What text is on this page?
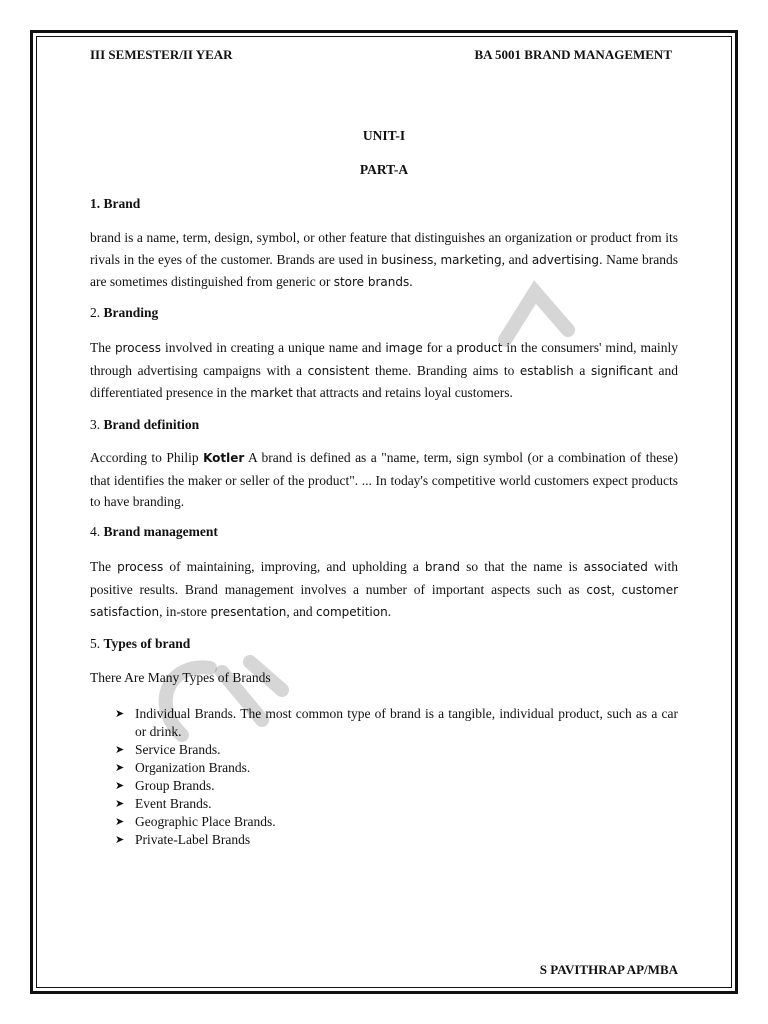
III SEMESTER/II YEAR	BA 5001 BRAND MANAGEMENT
UNIT-I
PART-A
1. Brand

brand is a name, term, design, symbol, or other feature that distinguishes an organization or product from its rivals in the eyes of the customer. Brands are used in business, marketing, and advertising. Name brands are sometimes distinguished from generic or store brands.

2. Branding

The process involved in creating a unique name and image for a product in the consumers' mind, mainly through advertising campaigns with a consistent theme. Branding aims to establish a significant and differentiated presence in the market that attracts and retains loyal customers.

3. Brand definition

According to Philip Kotler A brand is defined as a "name, term, sign symbol (or a combination of these) that identifies the maker or seller of the product". ... In today's competitive world customers expect products to have branding.

4. Brand management

The process of maintaining, improving, and upholding a brand so that the name is associated with positive results. Brand management involves a number of important aspects such as cost, customer satisfaction, in-store presentation, and competition.

5. Types of brand
There Are Many Types of Brands
➤ Individual Brands. The most common type of brand is a tangible, individual product, such as a car or drink.
➤ Service Brands.
➤ Organization Brands.
➤ Group Brands.
➤ Event Brands.
➤ Geographic Place Brands.
➤ Private-Label Brands
S PAVITHRAP AP/MBA
